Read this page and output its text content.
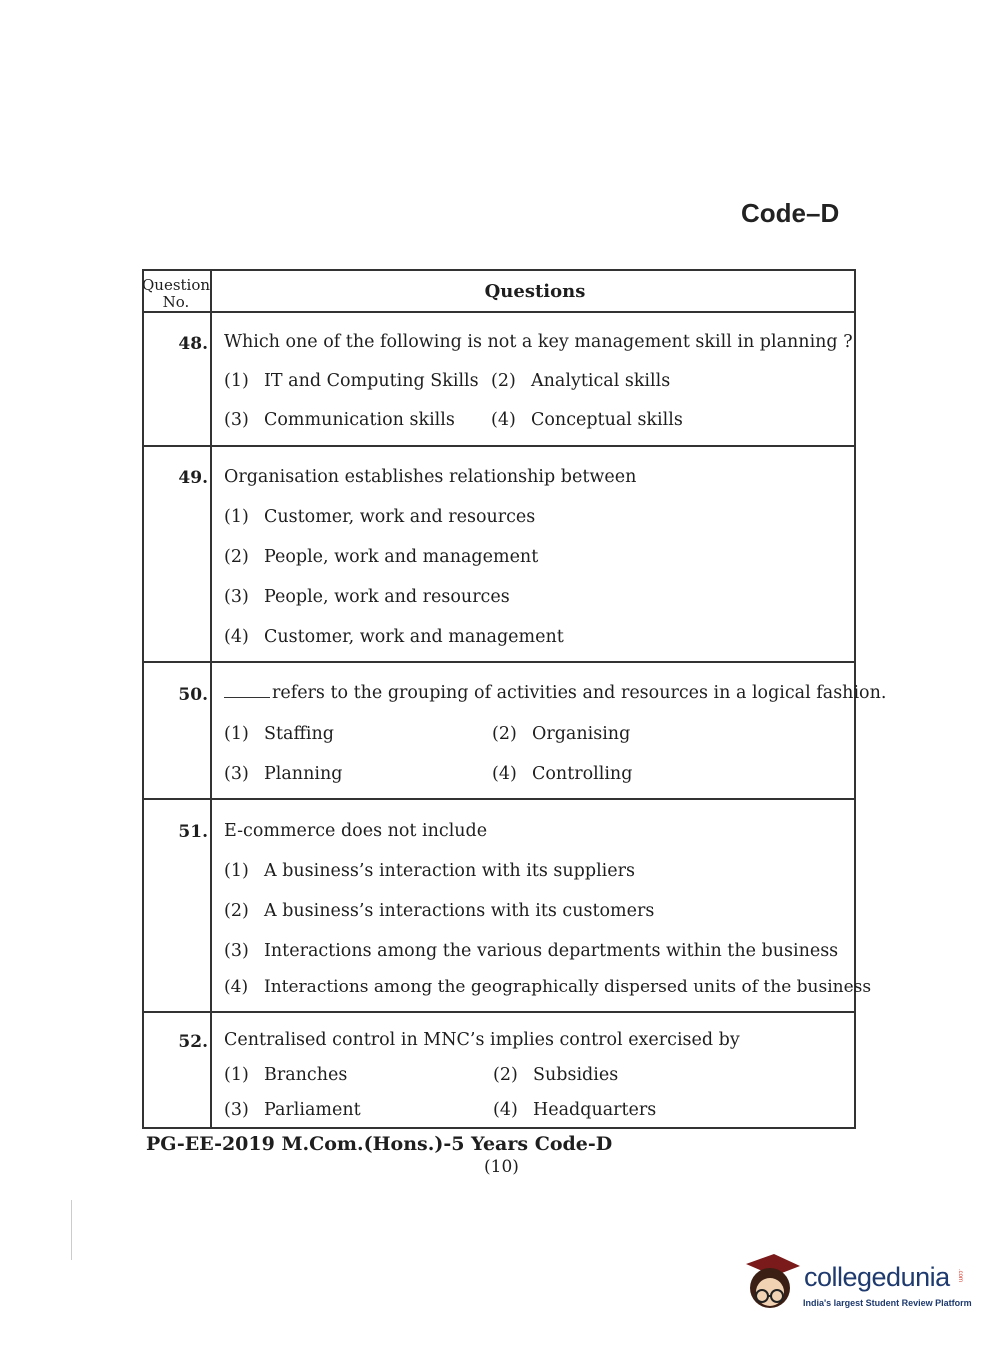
Code–D
Question
No.	Questions
48. Which one of the following is not a key management skill in planning ?
(1) IT and Computing Skills (2) Analytical skills
(3) Communication skills (4) Conceptual skills
49. Organisation establishes relationship between
(1) Customer, work and resources
(2) People, work and management
(3) People, work and resources
(4) Customer, work and management
50.	refers to the grouping of activities and resources in a logical fashion.
(1) Staffing	(2) Organising
(3) Planning	(4) Controlling
51. E-commerce does not include
(1) A business’s interaction with its suppliers
(2) A business’s interactions with its customers
(3) Interactions among the various departments within the business
(4) Interactions among the geographically dispersed units of the business
52. Centralised control in MNC’s implies control exercised by
(1) Branches	(2) Subsidies
(3) Parliament	(4) Headquarters
PG-EE-2019 M.Com.(Hons.)-5 Years Code-D
(10)
collegedunia .com
India's largest Student Review Platform
